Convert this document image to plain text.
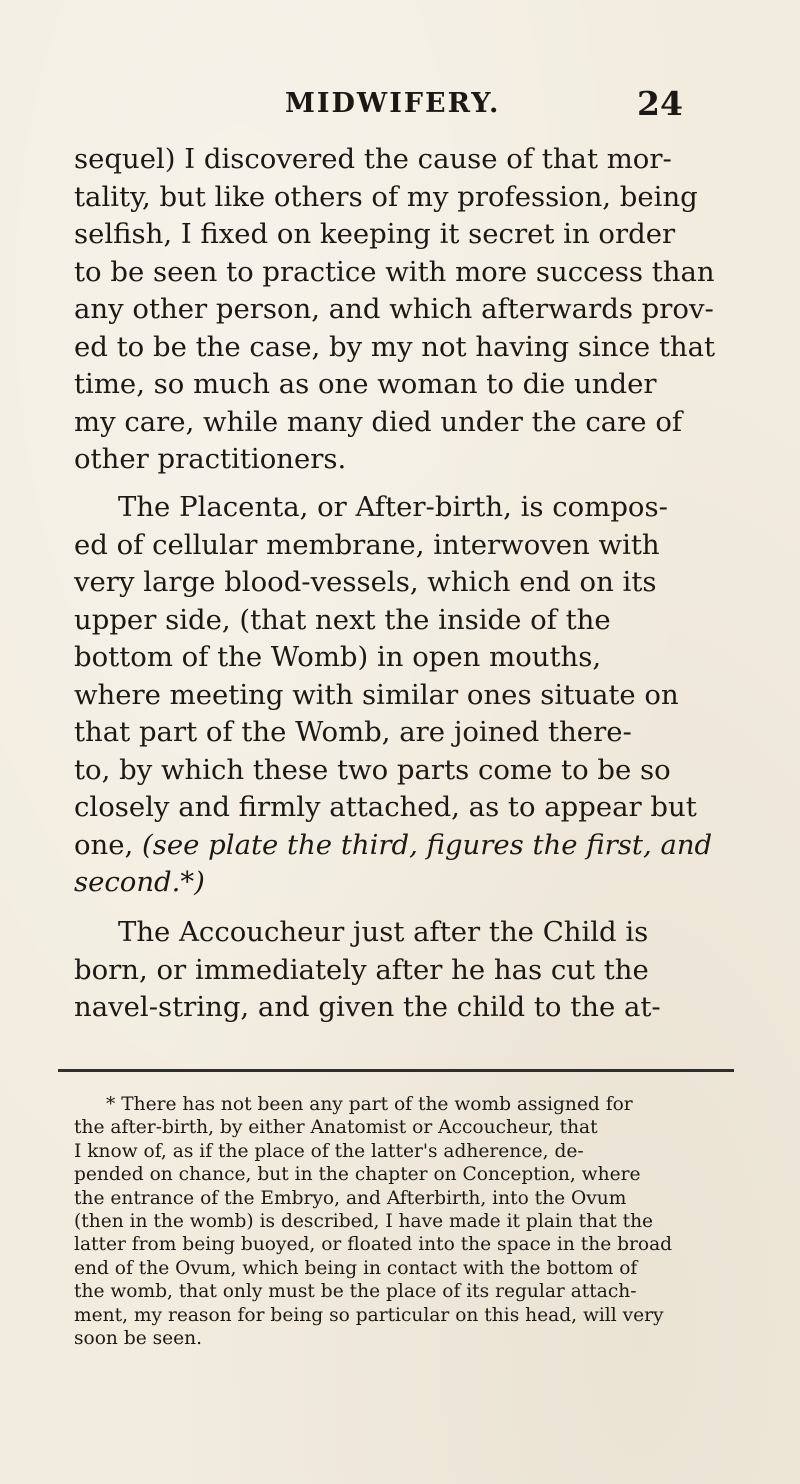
MIDWIFERY.	24
sequel) I discovered the cause of that mor-
tality, but like others of my profession, being
selfish, I fixed on keeping it secret in order
to be seen to practice with more success than
any other person, and which afterwards prov-
ed to be the case, by my not having since that
time, so much as one woman to die under
my care, while many died under the care of
other practitioners.
The Placenta, or After-birth, is compos-
ed of cellular membrane, interwoven with
very large blood-vessels, which end on its
upper side, (that next the inside of the
bottom of the Womb) in open mouths,
where meeting with similar ones situate on
that part of the Womb, are joined there-
to, by which these two parts come to be so
closely and firmly attached, as to appear but
one, (see plate the third, figures the first, and
second.*)
The Accoucheur just after the Child is
born, or immediately after he has cut the
navel-string, and given the child to the at-
* There has not been any part of the womb assigned for
the after-birth, by either Anatomist or Accoucheur, that
I know of, as if the place of the latter's adherence, de-
pended on chance, but in the chapter on Conception, where
the entrance of the Embryo, and Afterbirth, into the Ovum
(then in the womb) is described, I have made it plain that the
latter from being buoyed, or floated into the space in the broad
end of the Ovum, which being in contact with the bottom of
the womb, that only must be the place of its regular attach-
ment, my reason for being so particular on this head, will very
soon be seen.
